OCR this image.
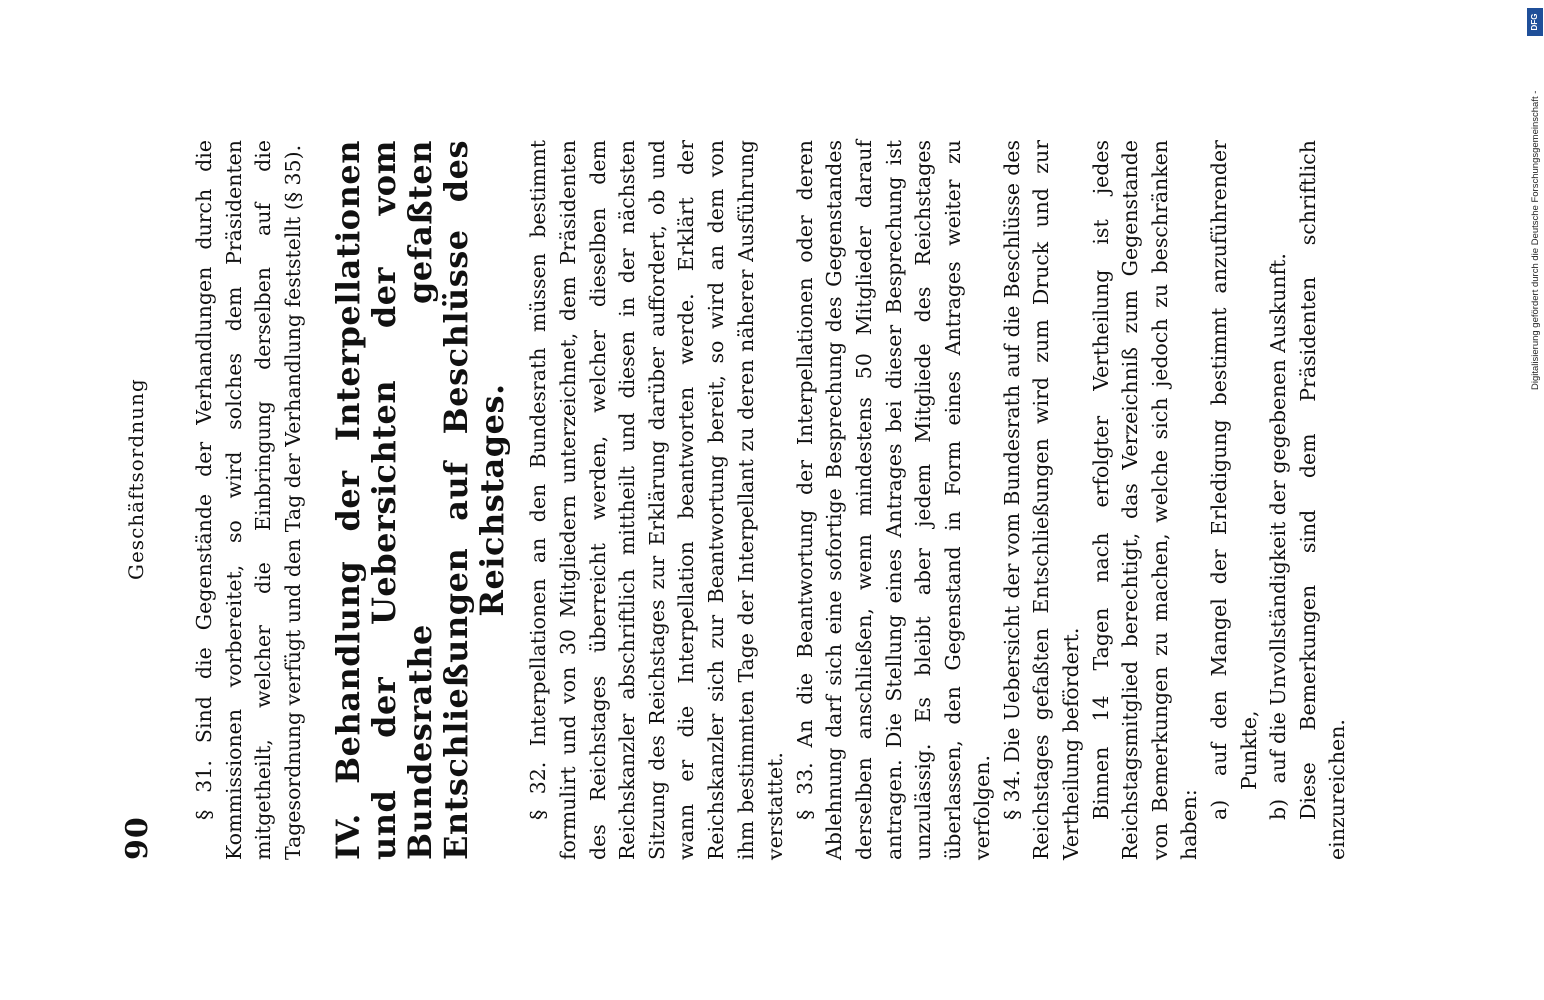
90
Geschäftsordnung § 31. Sind die Gegenstände der Verhandlungen durch die Kommissionen vorbereitet, so wird solches dem Präsidenten mitgetheilt, welcher die Einbringung derselben auf die Tagesordnung verfügt und den Tag der Verhandlung feststellt (§ 35). IV. Behandlung der Interpellationen und der Uebersichten der vom Bundesrathe gefaßten Entschließungen auf Beschlüsse des Reichstages. § 32. Interpellationen an den Bundesrath müssen bestimmt formulirt und von 30 Mitgliedern unterzeichnet, dem Präsidenten des Reichstages überreicht werden, welcher dieselben dem Reichskanzler abschriftlich mittheilt und diesen in der nächsten Sitzung des Reichstages zur Erklärung darüber auffordert, ob und wann er die Interpellation beantworten werde. Erklärt der Reichskanzler sich zur Beantwortung bereit, so wird an dem von ihm bestimmten Tage der Interpellant zu deren näherer Ausführung verstattet. § 33. An die Beantwortung der Interpellationen oder deren Ablehnung darf sich eine sofortige Besprechung des Gegenstandes derselben anschließen, wenn mindestens 50 Mitglieder darauf antragen. Die Stellung eines Antrages bei dieser Besprechung ist unzulässig. Es bleibt aber jedem Mitgliede des Reichstages überlassen, den Gegenstand in Form eines Antrages weiter zu verfolgen. § 34. Die Uebersicht der vom Bundesrath auf die Beschlüsse des Reichstages gefaßten Entschließungen wird zum Druck und zur Vertheilung befördert. Binnen 14 Tagen nach erfolgter Vertheilung ist jedes Reichstagsmitglied berechtigt, das Verzeichniß zum Gegenstande von Bemerkungen zu machen, welche sich jedoch zu beschränken haben: a) auf den Mangel der Erledigung bestimmt anzuführender Punkte,
b) auf die Unvollständigkeit der gegebenen Auskunft. Diese Bemerkungen sind dem Präsidenten schriftlich einzureichen.

Digitalisierung gefördert durch die Deutsche Forschungsgemeinschaft -
DFG
